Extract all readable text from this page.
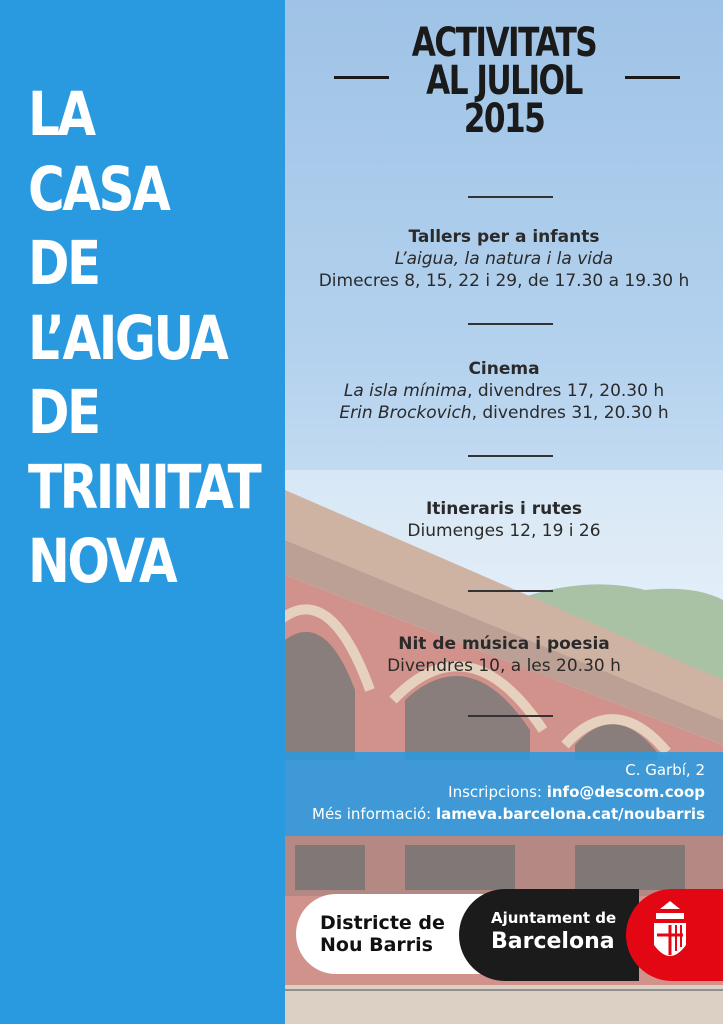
LA
CASA
DE
L’AIGUA
DE
TRINITAT
NOVA
ACTIVITATS
AL JULIOL
2015
Tallers per a infants
L’aigua, la natura i la vida
Dimecres 8, 15, 22 i 29, de 17.30 a 19.30 h
Cinema
La isla mínima, divendres 17, 20.30 h
Erin Brockovich, divendres 31, 20.30 h
Itineraris i rutes
Diumenges 12, 19 i 26
Nit de música i poesia
Divendres 10, a les 20.30 h
C. Garbí, 2
Inscripcions: info@descom.coop
Més informació: lameva.barcelona.cat/noubarris
Districte de
Nou Barris
Ajuntament de
Barcelona
